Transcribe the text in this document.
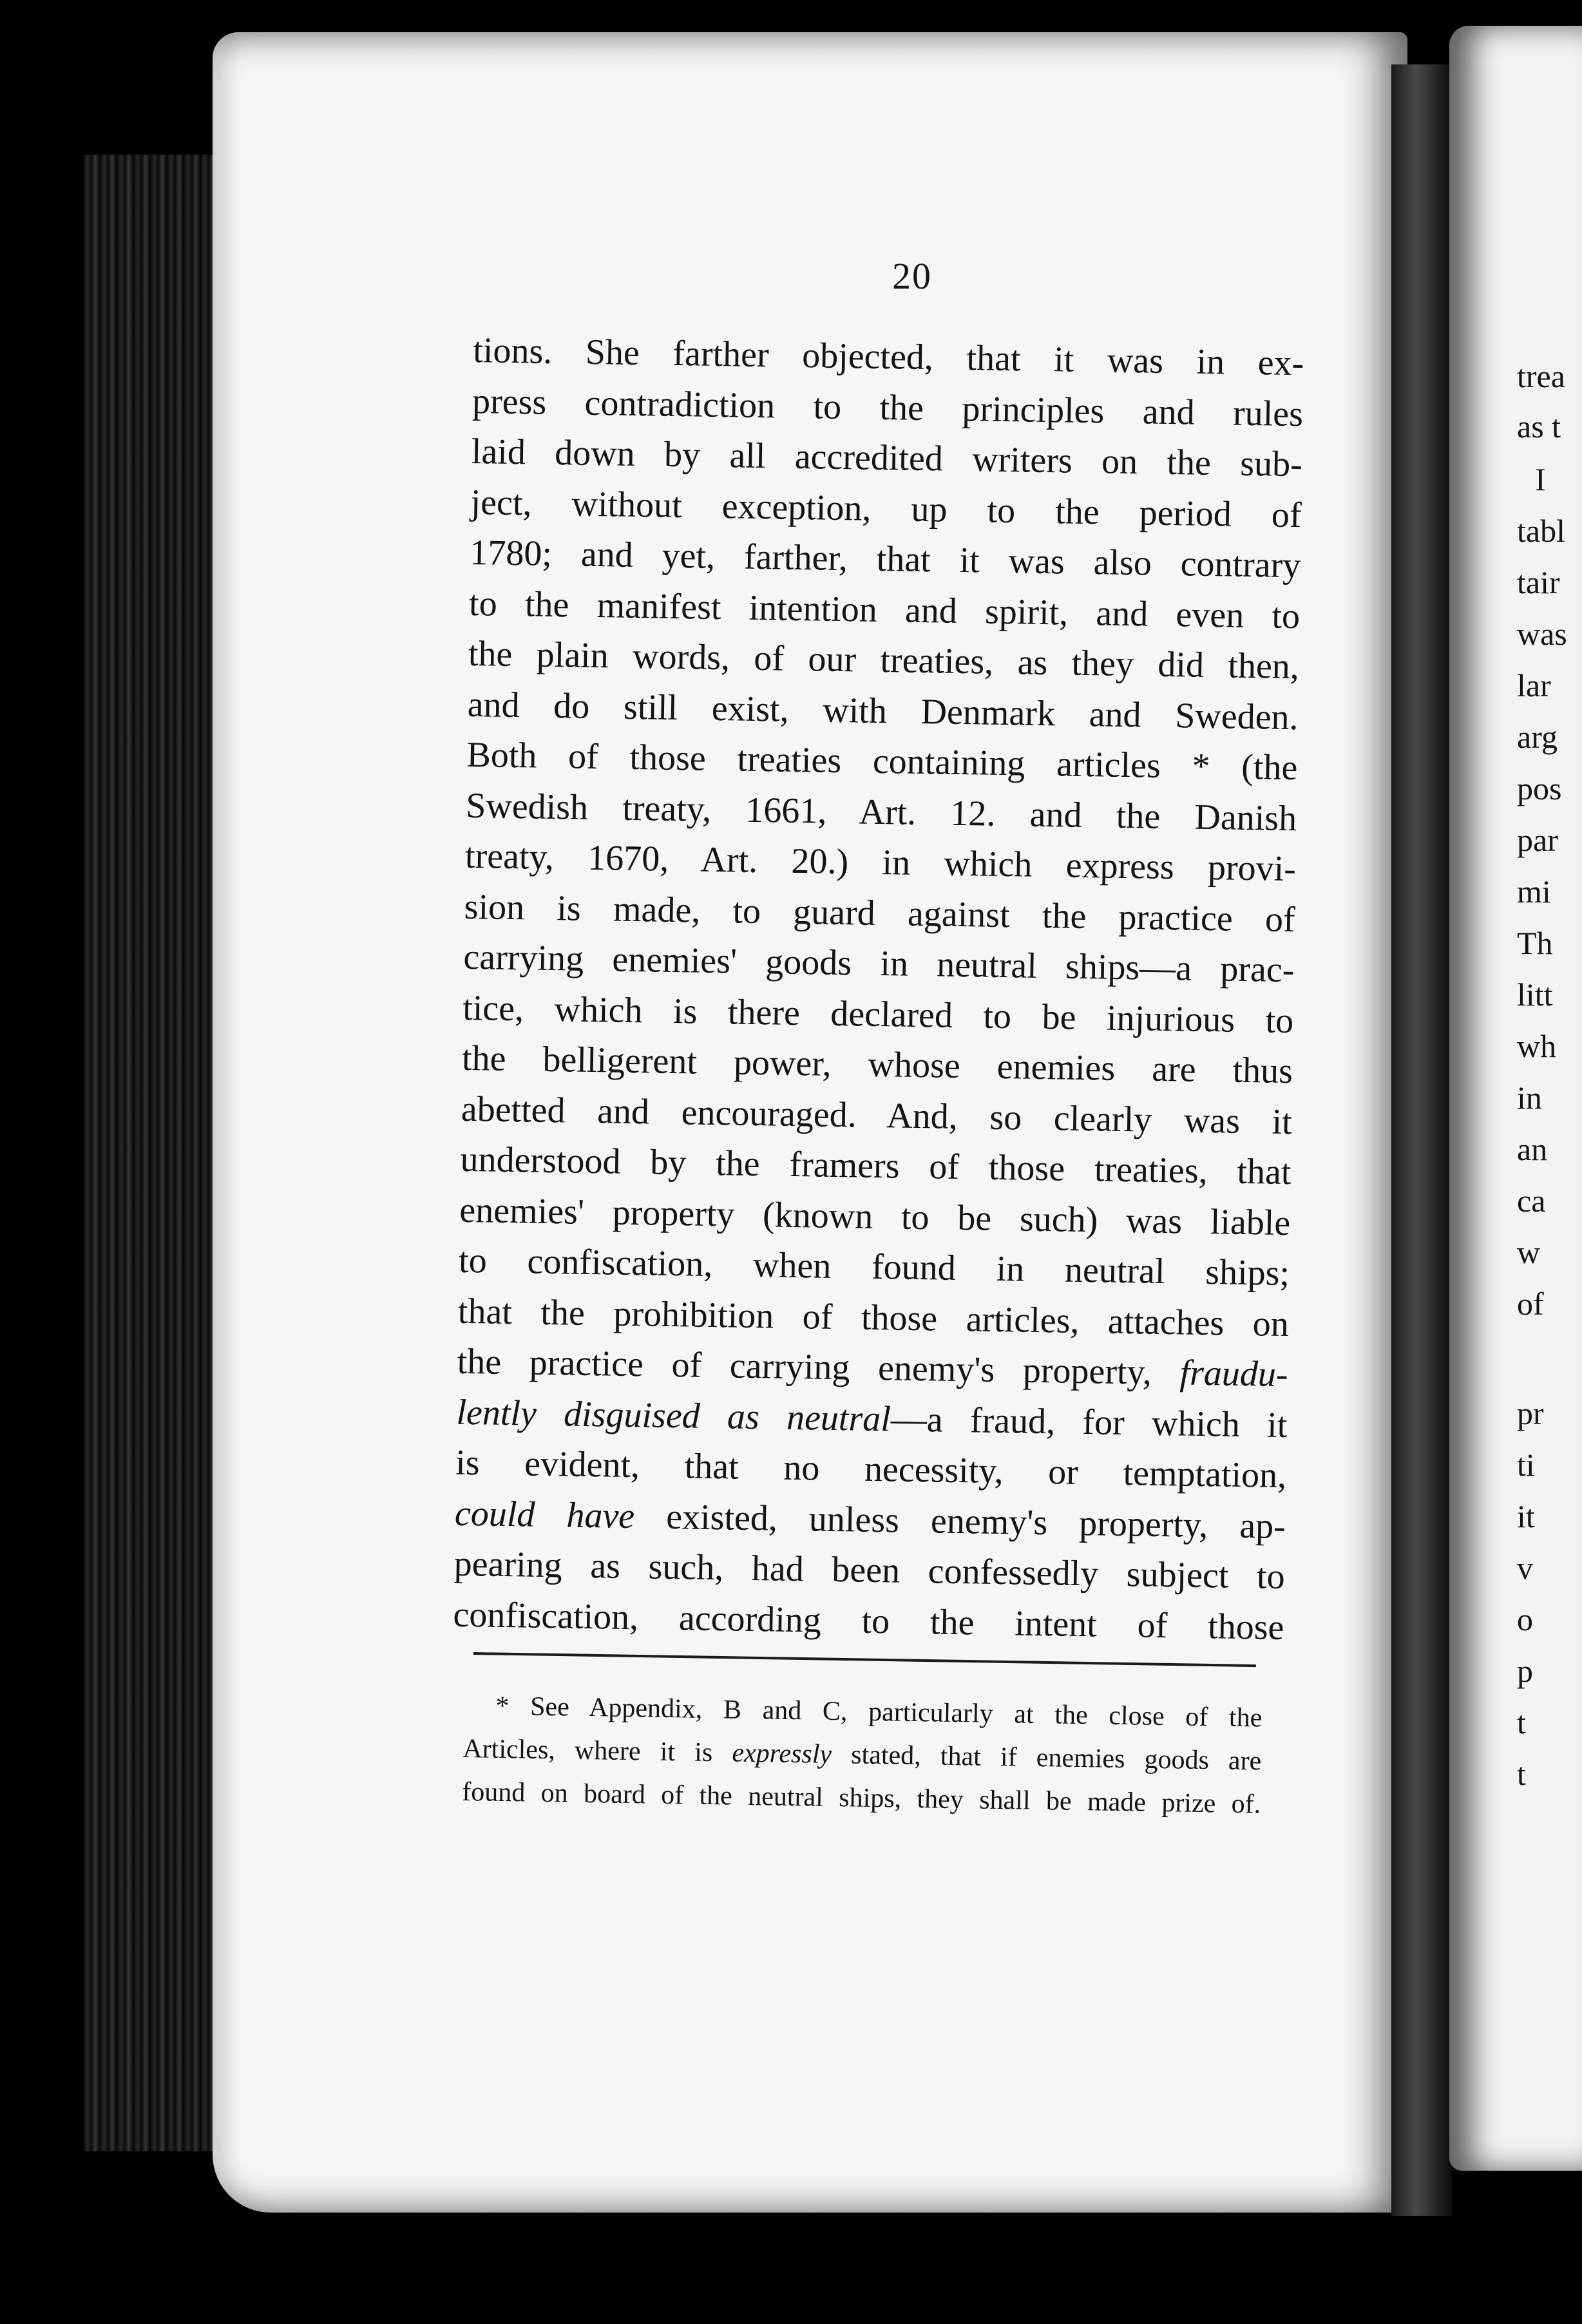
20
tions. She farther objected, that it was in ex-
press contradiction to the principles and rules
laid down by all accredited writers on the sub-
ject, without exception, up to the period of
1780; and yet, farther, that it was also contrary
to the manifest intention and spirit, and even to
the plain words, of our treaties, as they did then,
and do still exist, with Denmark and Sweden.
Both of those treaties containing articles * (the
Swedish treaty, 1661, Art. 12. and the Danish
treaty, 1670, Art. 20.) in which express provi-
sion is made, to guard against the practice of
carrying enemies' goods in neutral ships—a prac-
tice, which is there declared to be injurious to
the belligerent power, whose enemies are thus
abetted and encouraged. And, so clearly was it
understood by the framers of those treaties, that
enemies' property (known to be such) was liable
to confiscation, when found in neutral ships;
that the prohibition of those articles, attaches on
the practice of carrying enemy's property, fraudu-
lently disguised as neutral—a fraud, for which it
is evident, that no necessity, or temptation,
could have existed, unless enemy's property, ap-
pearing as such, had been confessedly subject to
confiscation, according to the intent of those
* See Appendix, B and C, particularly at the close of the
Articles, where it is expressly stated, that if enemies goods are
found on board of the neutral ships, they shall be made prize of.
trea
as t
I
tabl
tair
was
lar
arg
pos
par
mi
Th
litt
wh
in
an
ca
w
of
pr
ti
it
v
o
p
t
t
